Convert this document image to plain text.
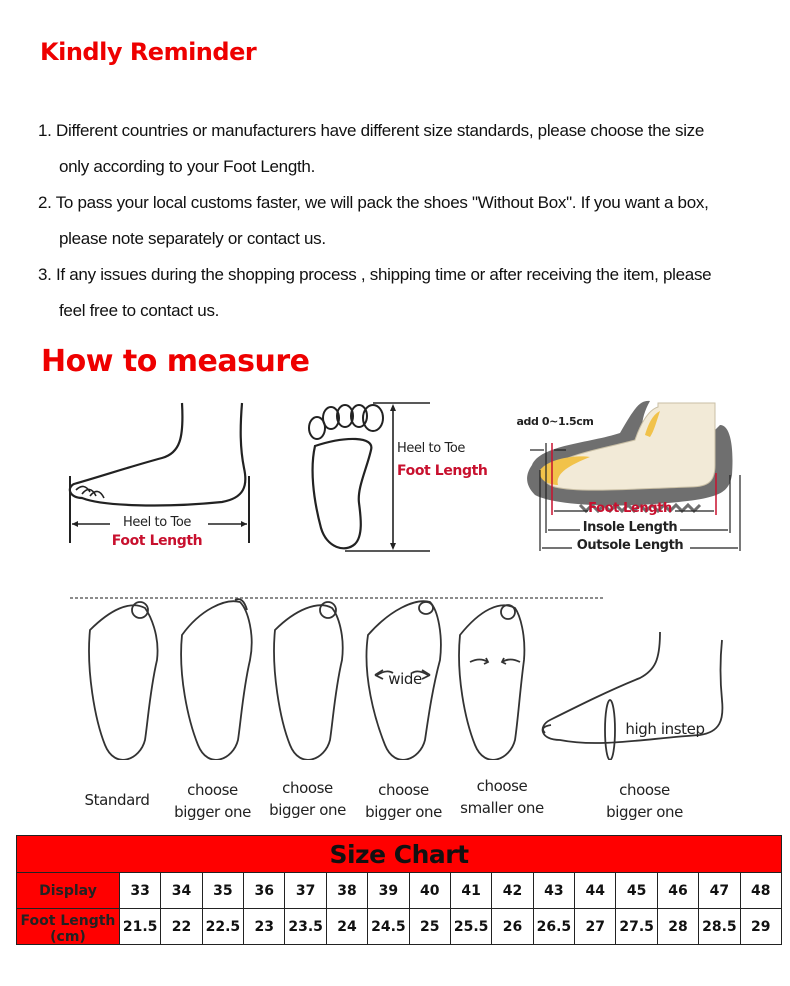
Kindly Reminder
1. Different countries or manufacturers have different size standards, please choose the size
only according to your Foot Length.
2. To pass your local customs faster, we will pack the shoes "Without Box". If you want a box,
please note separately or contact us.
3. If any issues during the shopping process , shipping time or after receiving the item, please
feel free to contact us.
How to measure
Heel to Toe
Foot Length
Heel to Toe
Foot Length
add 0~1.5cm
Foot Length
Insole Length
Outsole Length
wide
high instep
Standard
choose
bigger one
choose
bigger one
choose
bigger one
choose
smaller one
choose
bigger one
Size Chart																
Display	33	34	35	36	37	38	39	40	41	42	43	44	45	46	47	48

Foot Length (cm)	21.5	22	22.5	23	23.5	24	24.5	25	25.5	26	26.5	27	27.5	28	28.5	29
